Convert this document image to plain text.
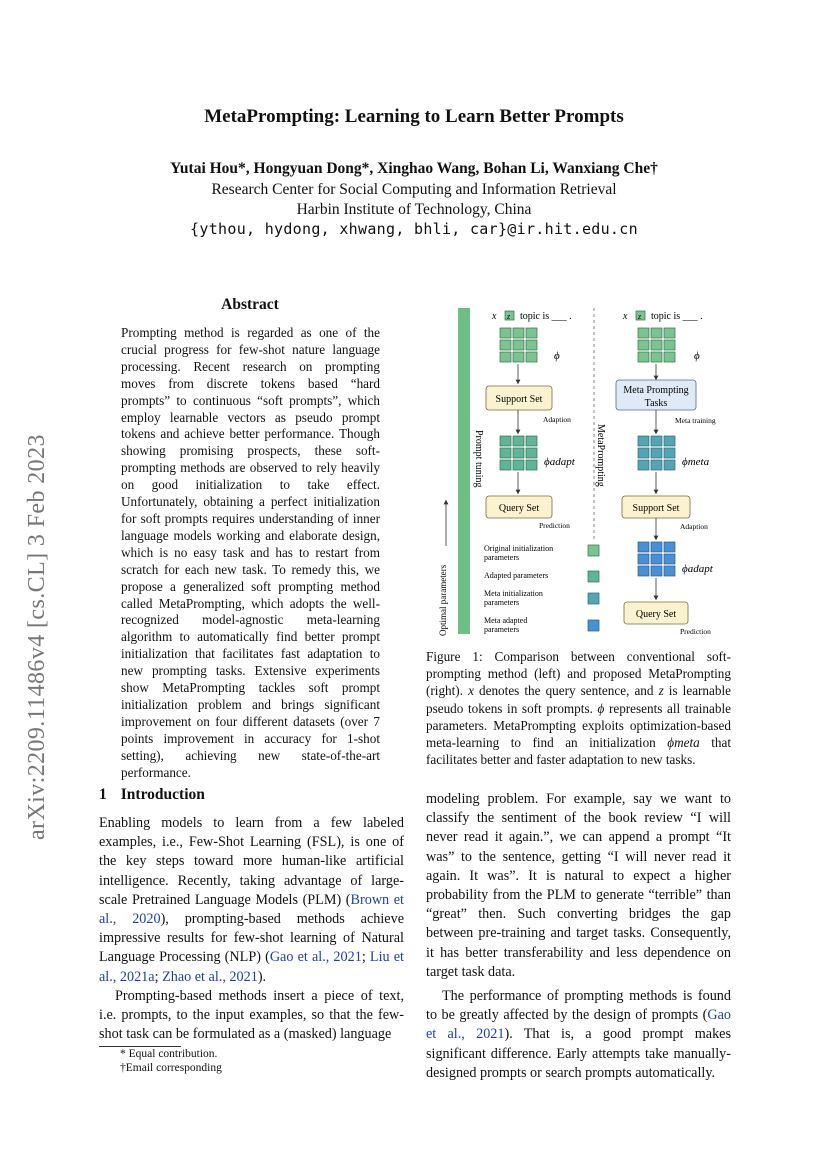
MetaPrompting: Learning to Learn Better Prompts
Yutai Hou*, Hongyuan Dong*, Xinghao Wang, Bohan Li, Wanxiang Che†
Research Center for Social Computing and Information Retrieval
Harbin Institute of Technology, China
{ythou, hydong, xhwang, bhli, car}@ir.hit.edu.cn
arXiv:2209.11486v4 [cs.CL] 3 Feb 2023
Abstract
Prompting method is regarded as one of the crucial progress for few-shot nature language processing. Recent research on prompting moves from discrete tokens based “hard prompts” to continuous “soft prompts”, which employ learnable vectors as pseudo prompt tokens and achieve better performance. Though showing promising prospects, these soft-prompting methods are observed to rely heavily on good initialization to take effect. Unfortunately, obtaining a perfect initialization for soft prompts requires understanding of inner language models working and elaborate design, which is no easy task and has to restart from scratch for each new task. To remedy this, we propose a generalized soft prompting method called MetaPrompting, which adopts the well-recognized model-agnostic meta-learning algorithm to automatically find better prompt initialization that facilitates fast adaptation to new prompting tasks. Extensive experiments show MetaPrompting tackles soft prompt initialization problem and brings significant improvement on four different datasets (over 7 points improvement in accuracy for 1-shot setting), achieving new state-of-the-art performance.
1 Introduction

Enabling models to learn from a few labeled examples, i.e., Few-Shot Learning (FSL), is one of the key steps toward more human-like artificial intelligence. Recently, taking advantage of large-scale Pretrained Language Models (PLM) (Brown et al., 2020), prompting-based methods achieve impressive results for few-shot learning of Natural Language Processing (NLP) (Gao et al., 2021; Liu et al., 2021a; Zhao et al., 2021).

Prompting-based methods insert a piece of text, i.e. prompts, to the input examples, so that the few-shot task can be formulated as a (masked) language

* Equal contribution.
†Email corresponding

modeling problem. For example, say we want to classify the sentiment of the book review “I will never read it again.”, we can append a prompt “It was” to the sentence, getting “I will never read it again. It was”. It is natural to expect a higher probability from the PLM to generate “terrible” than “great” then. Such converting bridges the gap between pre-training and target tasks. Consequently, it has better transferability and less dependence on target task data.

The performance of prompting methods is found to be greatly affected by the design of prompts (Gao et al., 2021). That is, a good prompt makes significant difference. Early attempts take manually-designed prompts or search prompts automatically.

Optimal parameters
Prompt tuning	MetaPrompting
x z topic is ___ .
ϕ
Support Set
Adaption
ϕadapt
Query Set
Prediction
x z topic is ___ .
ϕ
Meta Prompting
Tasks
Meta training
ϕmeta
Support Set
Adaption
ϕadapt
Query Set
Prediction
Original initialization
parameters
Adapted parameters
Meta initialization
parameters
Meta adapted
parameters
Figure 1: Comparison between conventional soft-prompting method (left) and proposed MetaPrompting (right). x denotes the query sentence, and z is learnable pseudo tokens in soft prompts. ϕ represents all trainable parameters. MetaPrompting exploits optimization-based meta-learning to find an initialization ϕmeta that facilitates better and faster adaptation to new tasks.
